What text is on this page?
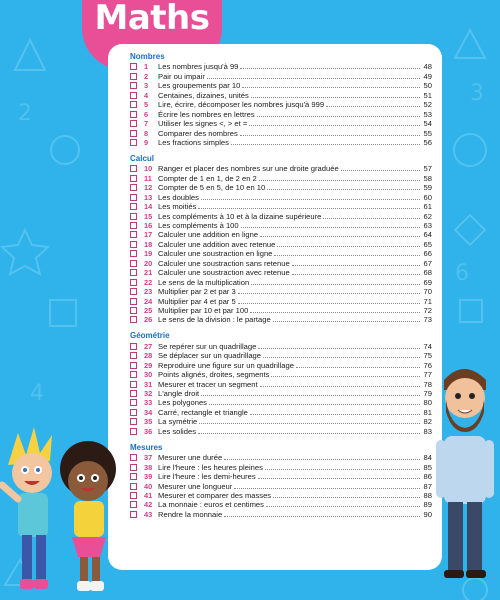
2
3
4
6
Maths
Nombres
1	Les nombres jusqu'à 99	48
2	Pair ou impair	49
3	Les groupements par 10	50
4	Centaines, dizaines, unités	51
5	Lire, écrire, décomposer les nombres jusqu'à 999	52
6	Écrire les nombres en lettres	53
7	Utiliser les signes <, > et =	54
8	Comparer des nombres	55
9	Les fractions simples	56
Calcul
10 Ranger et placer des nombres sur une droite graduée	57
11 Compter de 1 en 1, de 2 en 2	58
12 Compter de 5 en 5, de 10 en 10	59
13 Les doubles	60
14 Les moitiés	61
15 Les compléments à 10 et à la dizaine supérieure	62
16 Les compléments à 100	63
17 Calculer une addition en ligne	64
18 Calculer une addition avec retenue	65
19 Calculer une soustraction en ligne	66
20 Calculer une soustraction sans retenue	67
21 Calculer une soustraction avec retenue	68
22 Le sens de la multiplication	69
23 Multiplier par 2 et par 3	70
24 Multiplier par 4 et par 5	71
25 Multiplier par 10 et par 100	72
26 Le sens de la division : le partage	73
Géométrie
27 Se repérer sur un quadrillage	74
28 Se déplacer sur un quadrillage	75
29 Reproduire une figure sur un quadrillage	76
30 Points alignés, droites, segments	77
31 Mesurer et tracer un segment	78
32 L'angle droit	79
33 Les polygones	80
34 Carré, rectangle et triangle	81
35 La symétrie	82
36 Les solides	83
Mesures
37 Mesurer une durée	84
38 Lire l'heure : les heures pleines	85
39 Lire l'heure : les demi-heures	86
40 Mesurer une longueur	87
41 Mesurer et comparer des masses	88
42 La monnaie : euros et centimes	89
43 Rendre la monnaie	90
